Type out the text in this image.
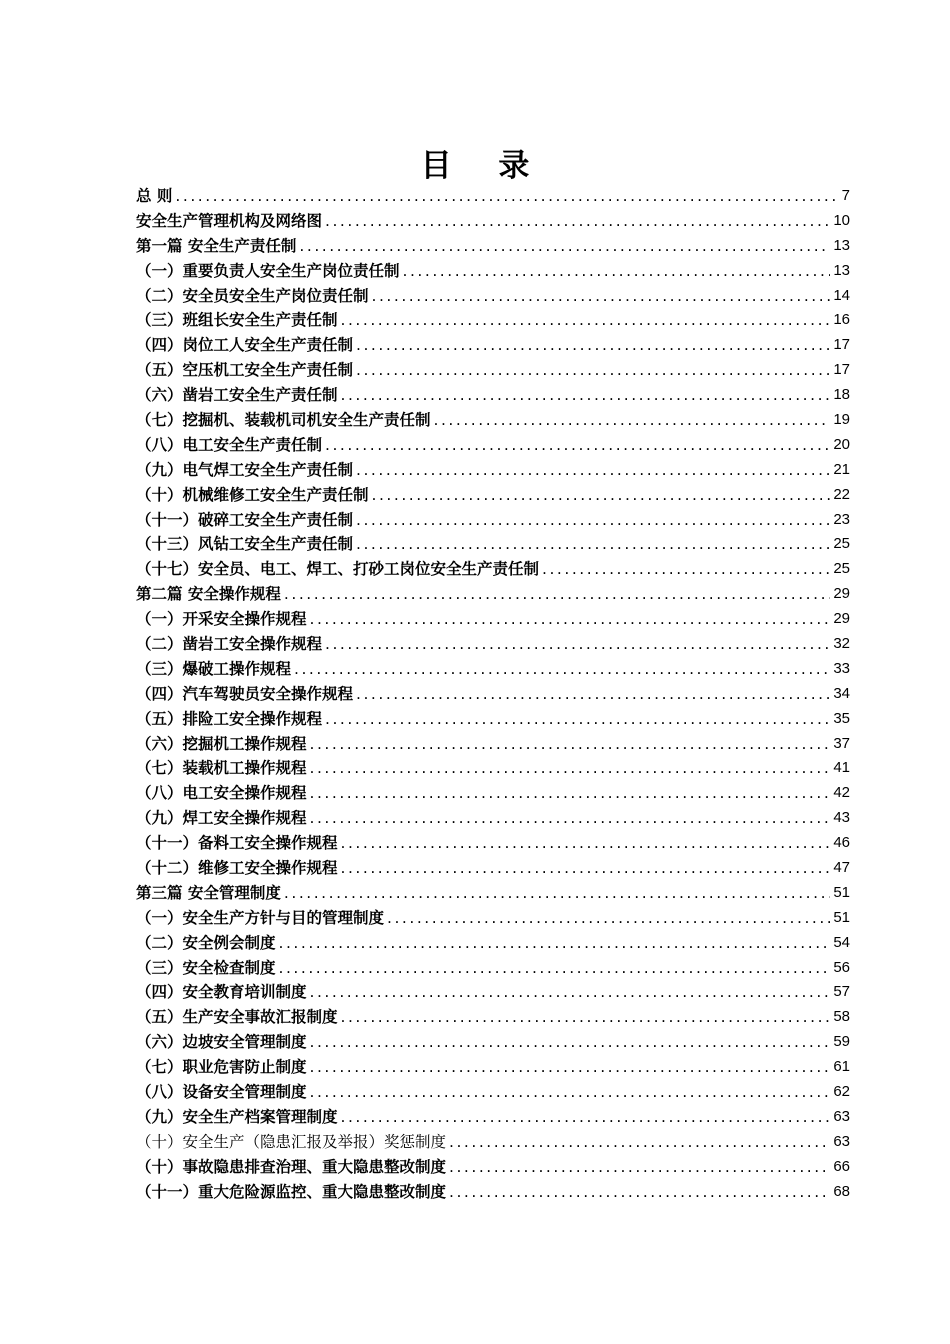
目 录
总 则 . . .	7
安全生产管理机构及网络图 . . .	10
第一篇 安全生产责任制 . . .	13
（一）重要负责人安全生产岗位责任制 . . .	13
（二）安全员安全生产岗位责任制 . . .	14
（三）班组长安全生产责任制 . . .	16
（四）岗位工人安全生产责任制 . . .	17
（五）空压机工安全生产责任制 . . .	17
（六）凿岩工安全生产责任制 . . .	18
（七）挖掘机、装载机司机安全生产责任制 . . .	19
（八）电工安全生产责任制 . . .	20
（九）电气焊工安全生产责任制 . . .	21
（十）机械维修工安全生产责任制 . . .	22
（十一）破碎工安全生产责任制 . . .	23
（十三）风钻工安全生产责任制 . . .	25
（十七）安全员、电工、焊工、打砂工岗位安全生产责任制 . . .	25
第二篇 安全操作规程 . . .	29
（一）开采安全操作规程 . . .	29
（二）凿岩工安全操作规程 . . .	32
（三）爆破工操作规程 . . .	33
（四）汽车驾驶员安全操作规程 . . .	34
（五）排险工安全操作规程 . . .	35
（六）挖掘机工操作规程 . . .	37
（七）装载机工操作规程 . . .	41
（八）电工安全操作规程 . . .	42
（九）焊工安全操作规程 . . .	43
（十一）备料工安全操作规程 . . .	46
（十二）维修工安全操作规程 . . .	47
第三篇 安全管理制度 . . .	51
（一）安全生产方针与目的管理制度 . . .	51
（二）安全例会制度 . . .	54
（三）安全检查制度 . . .	56
（四）安全教育培训制度 . . .	57
（五）生产安全事故汇报制度 . . .	58
（六）边坡安全管理制度 . . .	59
（七）职业危害防止制度 . . .	61
（八）设备安全管理制度 . . .	62
（九）安全生产档案管理制度 . . .	63
（十）安全生产（隐患汇报及举报）奖惩制度 . . .	63
（十）事故隐患排查治理、重大隐患整改制度 . . .	66
（十一）重大危险源监控、重大隐患整改制度 . . .	68
